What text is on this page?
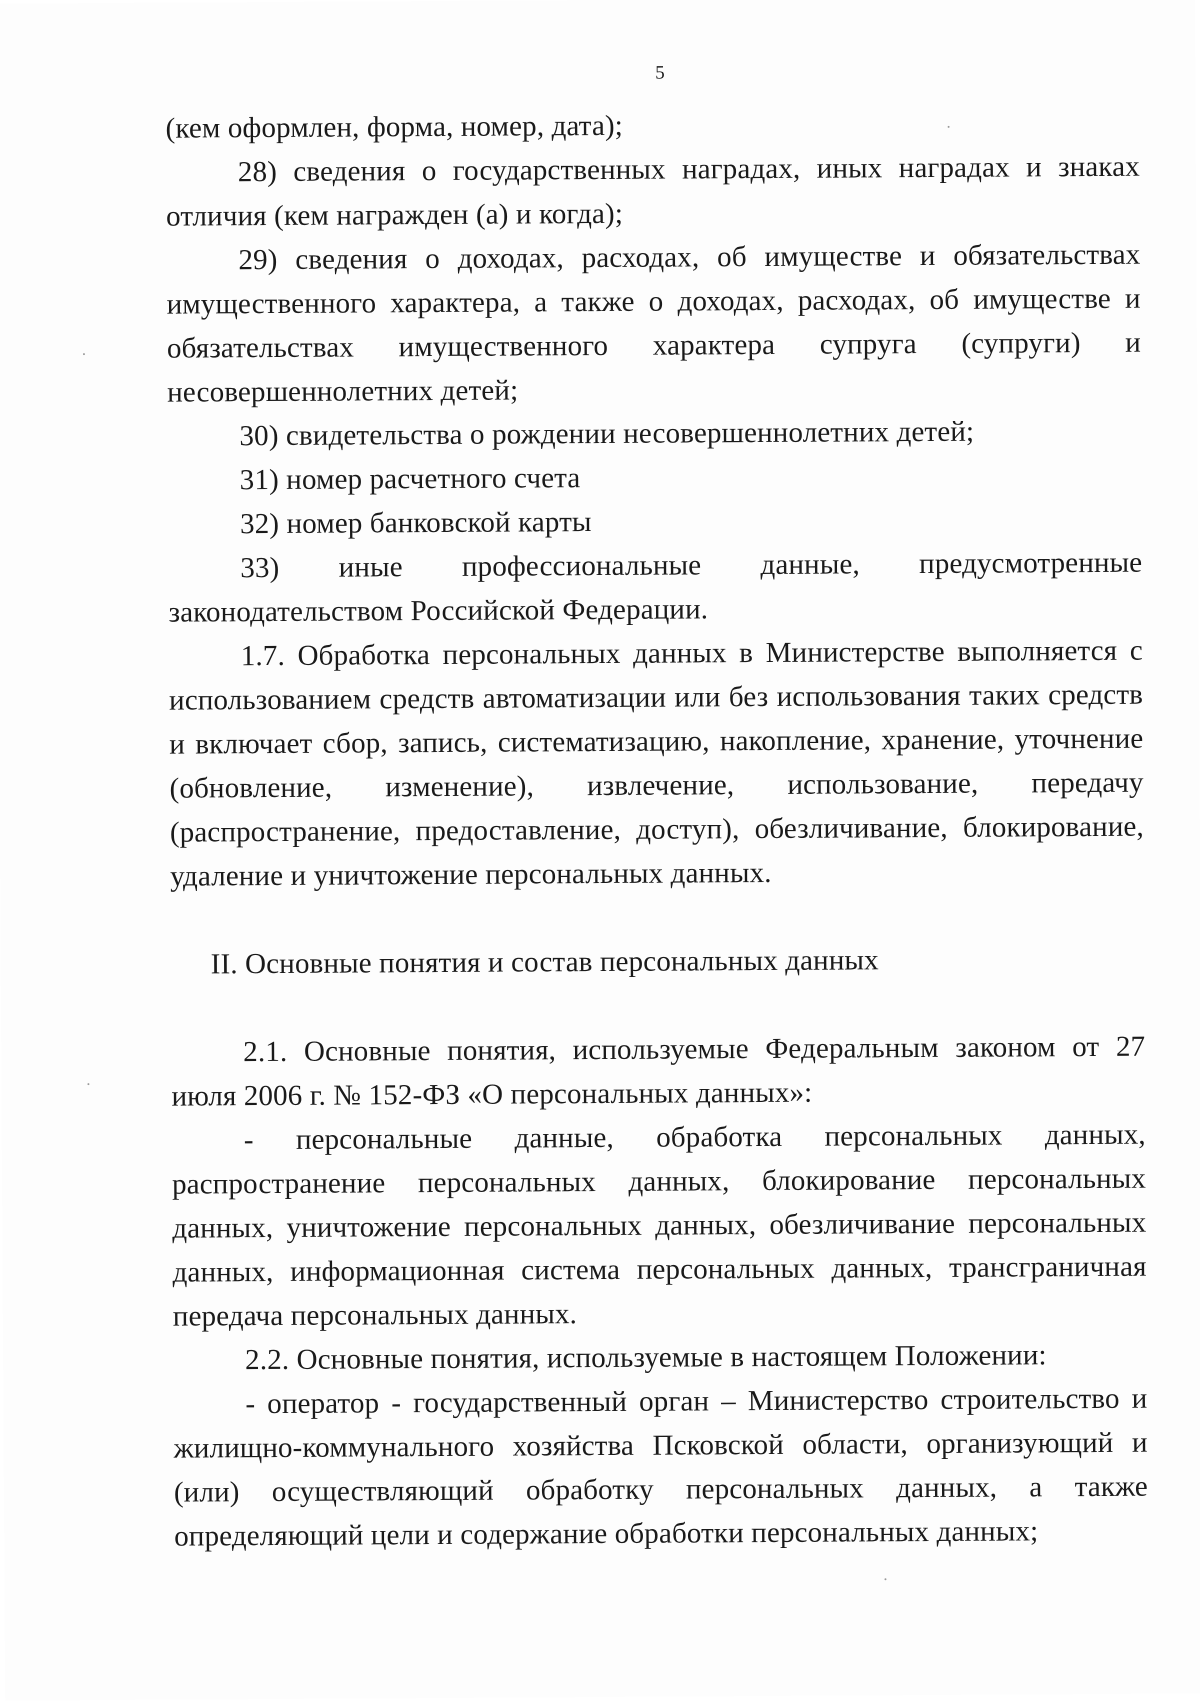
5

(кем оформлен, форма, номер, дата);

28) сведения о государственных наградах, иных наградах и знаках отличия (кем награжден (а) и когда);

29) сведения о доходах, расходах, об имуществе и обязательствах имущественного характера, а также о доходах, расходах, об имуществе и обязательствах имущественного характера супруга (супруги) и несовершеннолетних детей;

30) свидетельства о рождении несовершеннолетних детей;

31) номер расчетного счета

32) номер банковской карты

33) иные профессиональные данные, предусмотренные законодательством Российской Федерации.

1.7. Обработка персональных данных в Министерстве выполняется с использованием средств автоматизации или без использования таких средств и включает сбор, запись, систематизацию, накопление, хранение, уточнение (обновление, изменение), извлечение, использование, передачу (распространение, предоставление, доступ), обезличивание, блокирование, удаление и уничтожение персональных данных.

II. Основные понятия и состав персональных данных

2.1. Основные понятия, используемые Федеральным законом от 27 июля 2006 г. № 152-ФЗ «О персональных данных»:

- персональные данные, обработка персональных данных, распространение персональных данных, блокирование персональных данных, уничтожение персональных данных, обезличивание персональных данных, информационная система персональных данных, трансграничная передача персональных данных.

2.2. Основные понятия, используемые в настоящем Положении:

- оператор - государственный орган – Министерство строительство и жилищно-коммунального хозяйства Псковской области, организующий и (или) осуществляющий обработку персональных данных, а также определяющий цели и содержание обработки персональных данных;
